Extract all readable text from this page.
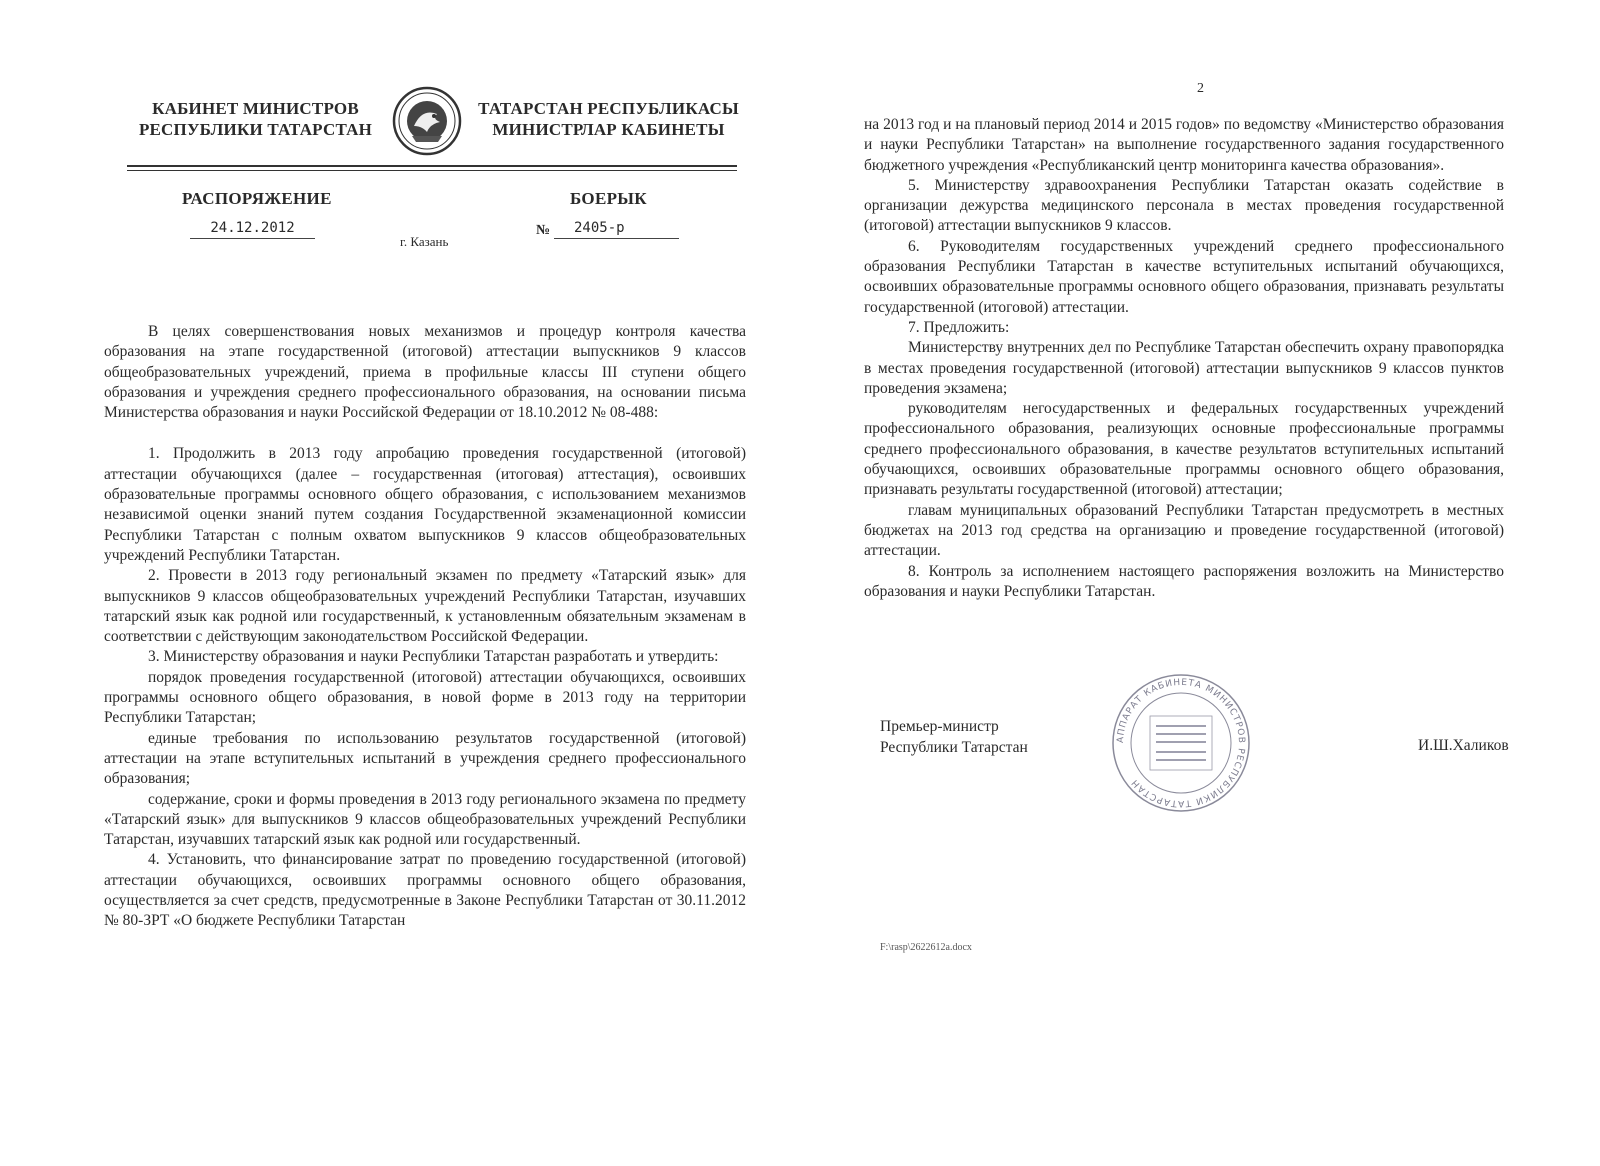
КАБИНЕТ МИНИСТРОВ
РЕСПУБЛИКИ ТАТАРСТАН
ТАТАРСТАН РЕСПУБЛИКАСЫ
МИНИСТРЛАР КАБИНЕТЫ
РАСПОРЯЖЕНИЕ	БОЕРЫК
24.12.2012
г. Казань
№	2405-р

В целях совершенствования новых механизмов и процедур контроля качества образования на этапе государственной (итоговой) аттестации выпускников 9 классов общеобразовательных учреждений, приема в профильные классы III ступени общего образования и учреждения среднего профессионального образования, на основании письма Министерства образования и науки Российской Федерации от 18.10.2012 № 08-488:

1. Продолжить в 2013 году апробацию проведения государственной (итоговой) аттестации обучающихся (далее – государственная (итоговая) аттестация), освоивших образовательные программы основного общего образования, с использованием механизмов независимой оценки знаний путем создания Государственной экзаменационной комиссии Республики Татарстан с полным охватом выпускников 9 классов общеобразовательных учреждений Республики Татарстан.

2. Провести в 2013 году региональный экзамен по предмету «Татарский язык» для выпускников 9 классов общеобразовательных учреждений Республики Татарстан, изучавших татарский язык как родной или государственный, к установленным обязательным экзаменам в соответствии с действующим законодательством Российской Федерации.

3. Министерству образования и науки Республики Татарстан разработать и утвердить:

порядок проведения государственной (итоговой) аттестации обучающихся, освоивших программы основного общего образования, в новой форме в 2013 году на территории Республики Татарстан;

единые требования по использованию результатов государственной (итоговой) аттестации на этапе вступительных испытаний в учреждения среднего профессионального образования;

содержание, сроки и формы проведения в 2013 году регионального экзамена по предмету «Татарский язык» для выпускников 9 классов общеобразовательных учреждений Республики Татарстан, изучавших татарский язык как родной или государственный.

4. Установить, что финансирование затрат по проведению государственной (итоговой) аттестации обучающихся, освоивших программы основного общего образования, осуществляется за счет средств, предусмотренные в Законе Республики Татарстан от 30.11.2012 № 80-ЗРТ «О бюджете Республики Татарстан

2

на 2013 год и на плановый период 2014 и 2015 годов» по ведомству «Министерство образования и науки Республики Татарстан» на выполнение государственного задания государственного бюджетного учреждения «Республиканский центр мониторинга качества образования».

5. Министерству здравоохранения Республики Татарстан оказать содействие в организации дежурства медицинского персонала в местах проведения государственной (итоговой) аттестации выпускников 9 классов.

6. Руководителям государственных учреждений среднего профессионального образования Республики Татарстан в качестве вступительных испытаний обучающихся, освоивших образовательные программы основного общего образования, признавать результаты государственной (итоговой) аттестации.

7. Предложить:

Министерству внутренних дел по Республике Татарстан обеспечить охрану правопорядка в местах проведения государственной (итоговой) аттестации выпускников 9 классов пунктов проведения экзамена;

руководителям негосударственных и федеральных государственных учреждений профессионального образования, реализующих основные профессиональные программы среднего профессионального образования, в качестве результатов вступительных испытаний обучающихся, освоивших образовательные программы основного общего образования, признавать результаты государственной (итоговой) аттестации;

главам муниципальных образований Республики Татарстан предусмотреть в местных бюджетах на 2013 год средства на организацию и проведение государственной (итоговой) аттестации.

8. Контроль за исполнением настоящего распоряжения возложить на Министерство образования и науки Республики Татарстан.

Премьер-министр
Республики Татарстан	АППАРАТ КАБИНЕТА МИНИСТРОВ РЕСПУБЛИКИ ТАТАРСТАН
И.Ш.Халиков
F:\rasp\2622612a.docx
